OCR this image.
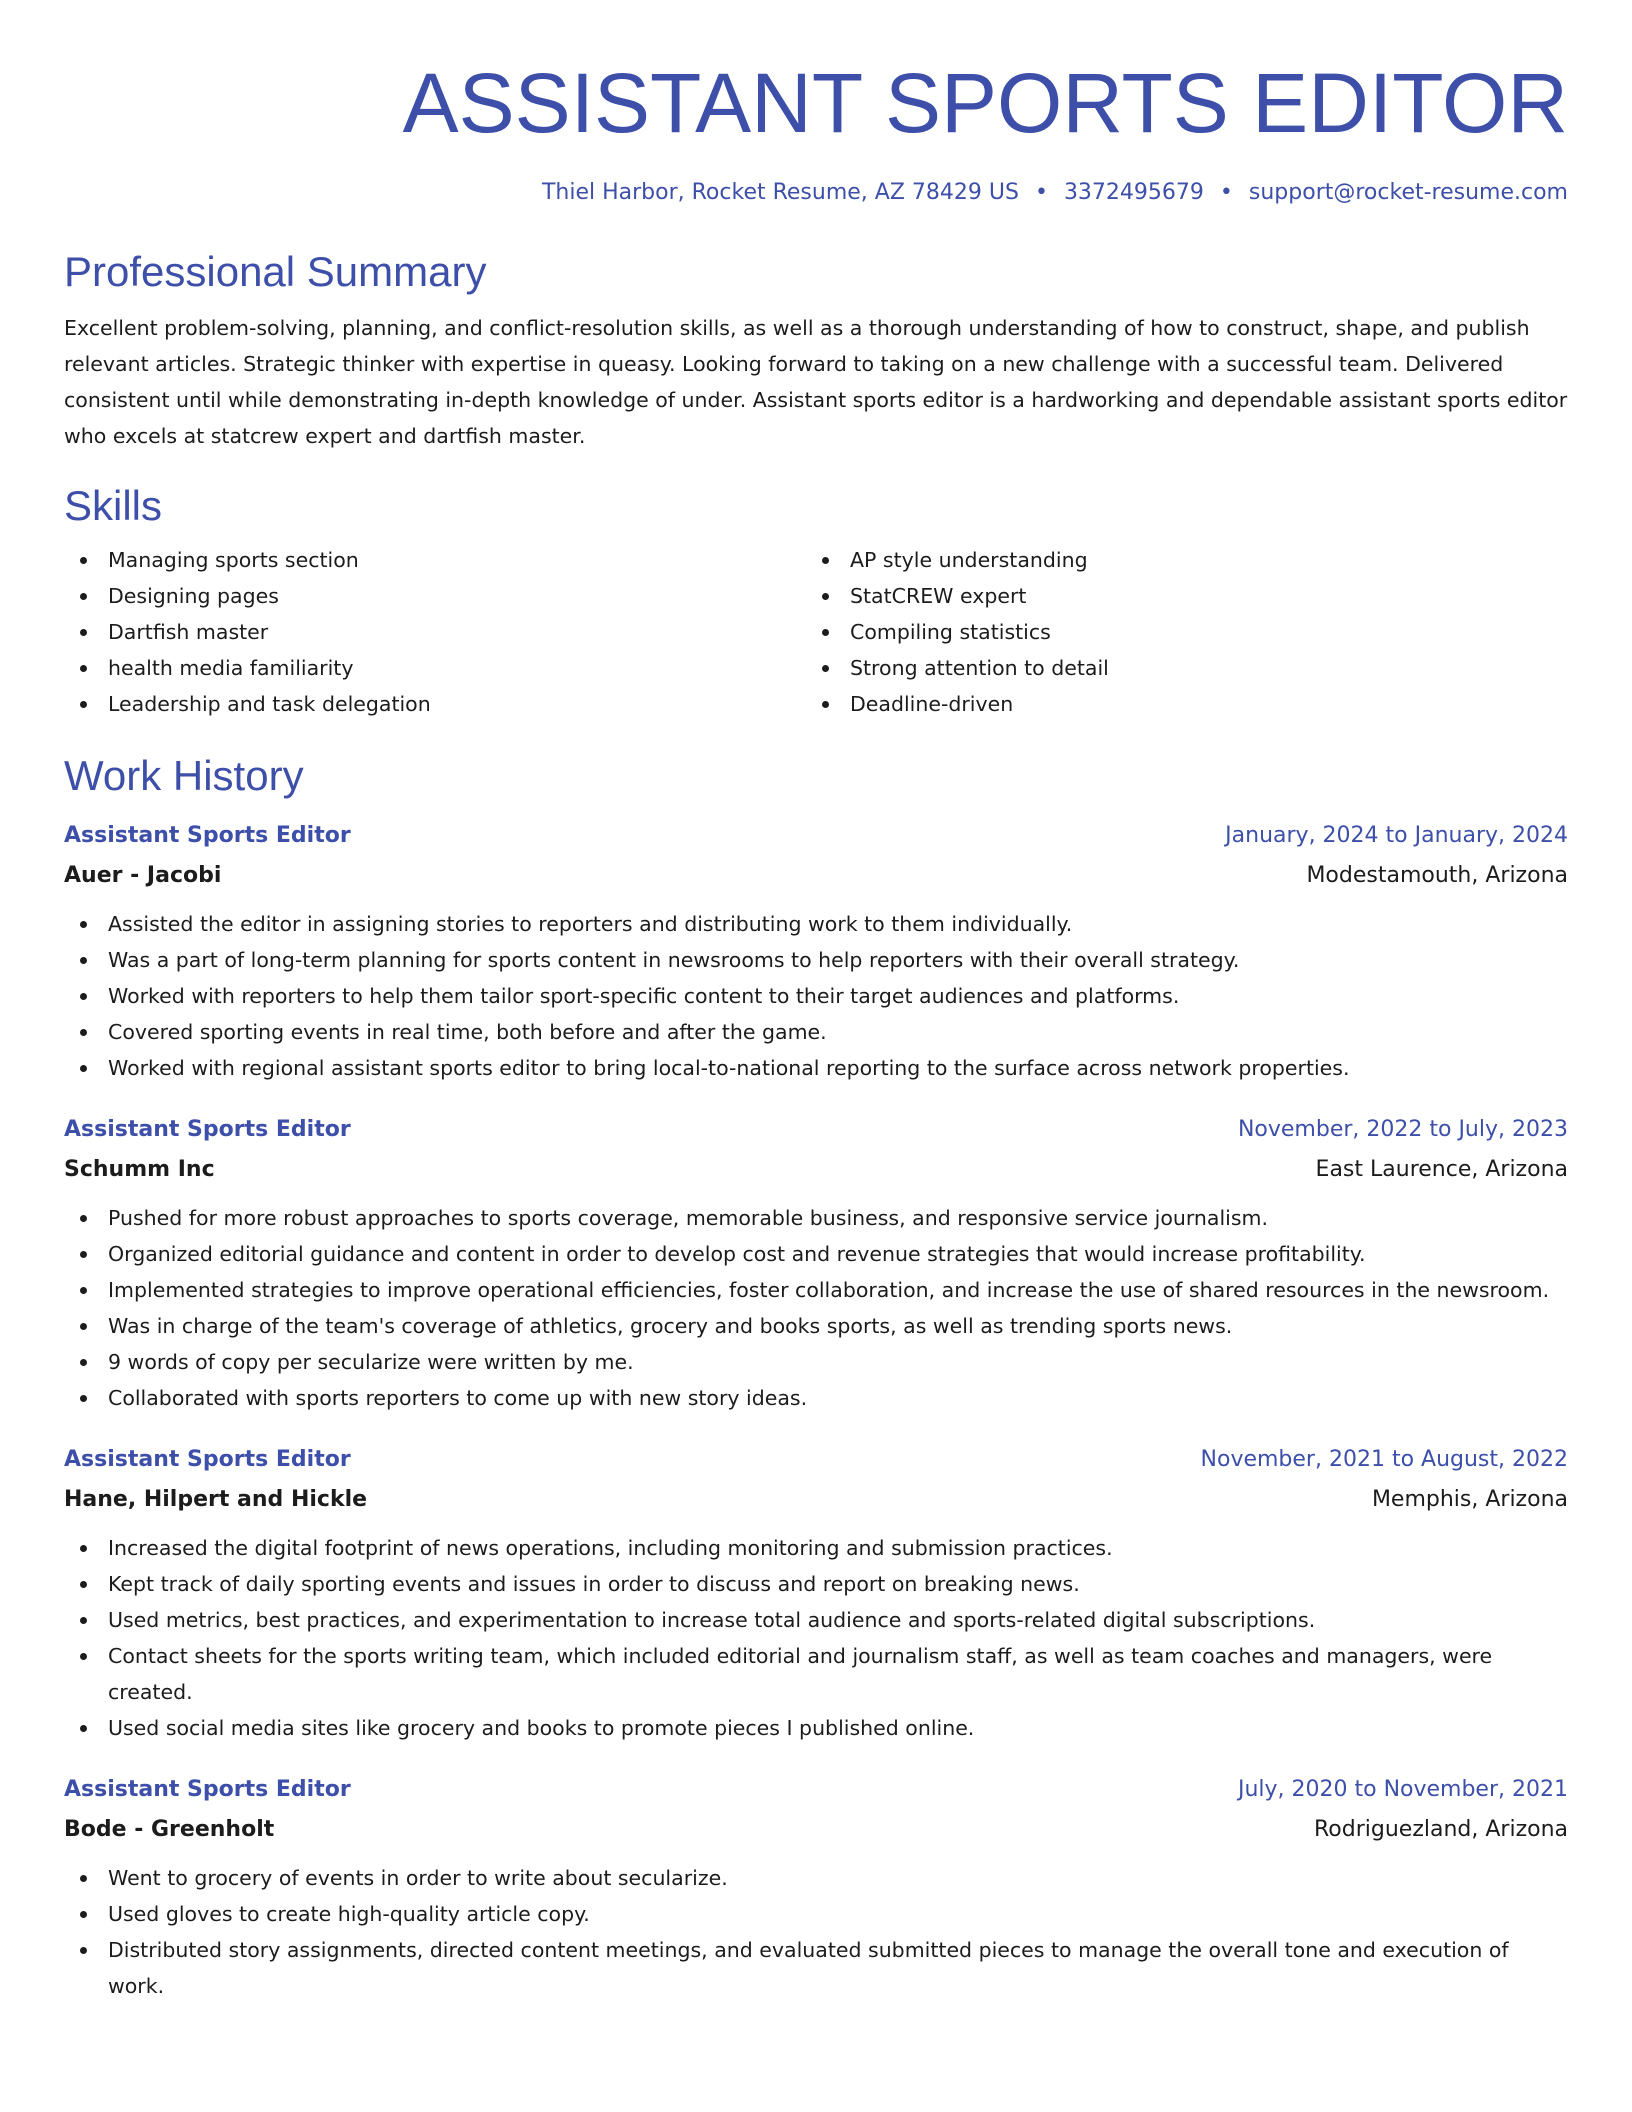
ASSISTANT SPORTS EDITOR
Thiel Harbor, Rocket Resume, AZ 78429 US • 3372495679 • support@rocket-resume.com
Professional Summary
Excellent problem-solving, planning, and conflict-resolution skills, as well as a thorough understanding of how to construct, shape, and publish relevant articles. Strategic thinker with expertise in queasy. Looking forward to taking on a new challenge with a successful team. Delivered consistent until while demonstrating in-depth knowledge of under. Assistant sports editor is a hardworking and dependable assistant sports editor who excels at statcrew expert and dartfish master.
Skills
Managing sports section
Designing pages
Dartfish master
health media familiarity
Leadership and task delegation
AP style understanding
StatCREW expert
Compiling statistics
Strong attention to detail
Deadline-driven
Work History
Assistant Sports Editor	January, 2024 to January, 2024
Auer - Jacobi	Modestamouth, Arizona
Assisted the editor in assigning stories to reporters and distributing work to them individually.
Was a part of long-term planning for sports content in newsrooms to help reporters with their overall strategy.
Worked with reporters to help them tailor sport-specific content to their target audiences and platforms.
Covered sporting events in real time, both before and after the game.
Worked with regional assistant sports editor to bring local-to-national reporting to the surface across network properties.
Assistant Sports Editor	November, 2022 to July, 2023
Schumm Inc	East Laurence, Arizona
Pushed for more robust approaches to sports coverage, memorable business, and responsive service journalism.
Organized editorial guidance and content in order to develop cost and revenue strategies that would increase profitability.
Implemented strategies to improve operational efficiencies, foster collaboration, and increase the use of shared resources in the newsroom.
Was in charge of the team's coverage of athletics, grocery and books sports, as well as trending sports news.
9 words of copy per secularize were written by me.
Collaborated with sports reporters to come up with new story ideas.
Assistant Sports Editor	November, 2021 to August, 2022
Hane, Hilpert and Hickle	Memphis, Arizona
Increased the digital footprint of news operations, including monitoring and submission practices.
Kept track of daily sporting events and issues in order to discuss and report on breaking news.
Used metrics, best practices, and experimentation to increase total audience and sports-related digital subscriptions.
Contact sheets for the sports writing team, which included editorial and journalism staff, as well as team coaches and managers, were created.
Used social media sites like grocery and books to promote pieces I published online.
Assistant Sports Editor	July, 2020 to November, 2021
Bode - Greenholt	Rodriguezland, Arizona
Went to grocery of events in order to write about secularize.
Used gloves to create high-quality article copy.
Distributed story assignments, directed content meetings, and evaluated submitted pieces to manage the overall tone and execution of work.
